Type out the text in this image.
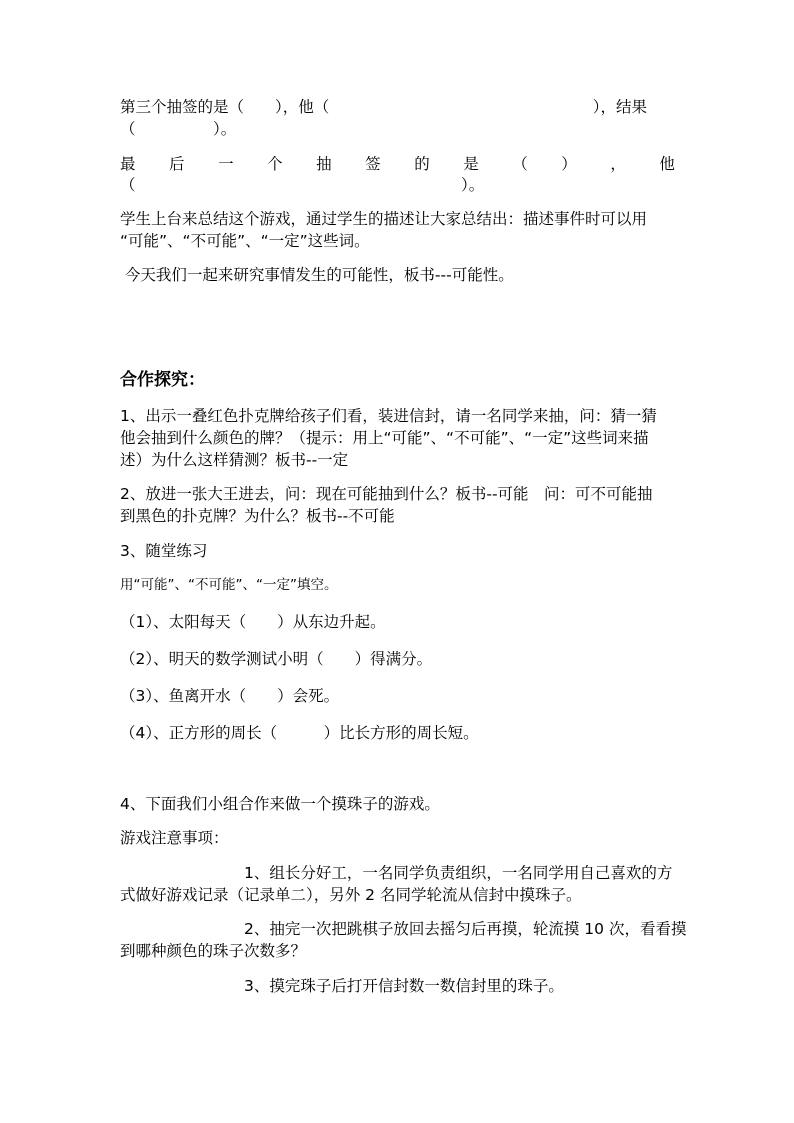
第三个抽签的是（　　），他（　　　　　　　　　　　　　　　　　），结果
（　　　　　）。
最 后 一 个 抽 签 的 是 （ ） ， 他
（　　　　　　　　　　　　　　　　　　　　　）。
学生上台来总结这个游戏，通过学生的描述让大家总结出：描述事件时可以用
“可能”、“不可能”、“一定”这些词。
今天我们一起来研究事情发生的可能性，板书---可能性。
合作探究：
1、出示一叠红色扑克牌给孩子们看，装进信封，请一名同学来抽，问：猜一猜
他会抽到什么颜色的牌？（提示：用上“可能”、“不可能”、“一定”这些词来描
述）为什么这样猜测？板书--一定
2、放进一张大王进去，问：现在可能抽到什么？板书--可能　问：可不可能抽
到黑色的扑克牌？为什么？板书--不可能
3、随堂练习
用“可能”、“不可能”、“一定”填空。
（1）、太阳每天（　　）从东边升起。
（2）、明天的数学测试小明（　　）得满分。
（3）、鱼离开水（　　）会死。
（4）、正方形的周长（　　　）比长方形的周长短。
4、下面我们小组合作来做一个摸珠子的游戏。
游戏注意事项：
　　　　　　　　1、组长分好工，一名同学负责组织，一名同学用自己喜欢的方
式做好游戏记录（记录单二），另外 2 名同学轮流从信封中摸珠子。
　　　　　　　　2、抽完一次把跳棋子放回去摇匀后再摸，轮流摸 10 次，看看摸
到哪种颜色的珠子次数多？
　　　　　　　　3、摸完珠子后打开信封数一数信封里的珠子。
